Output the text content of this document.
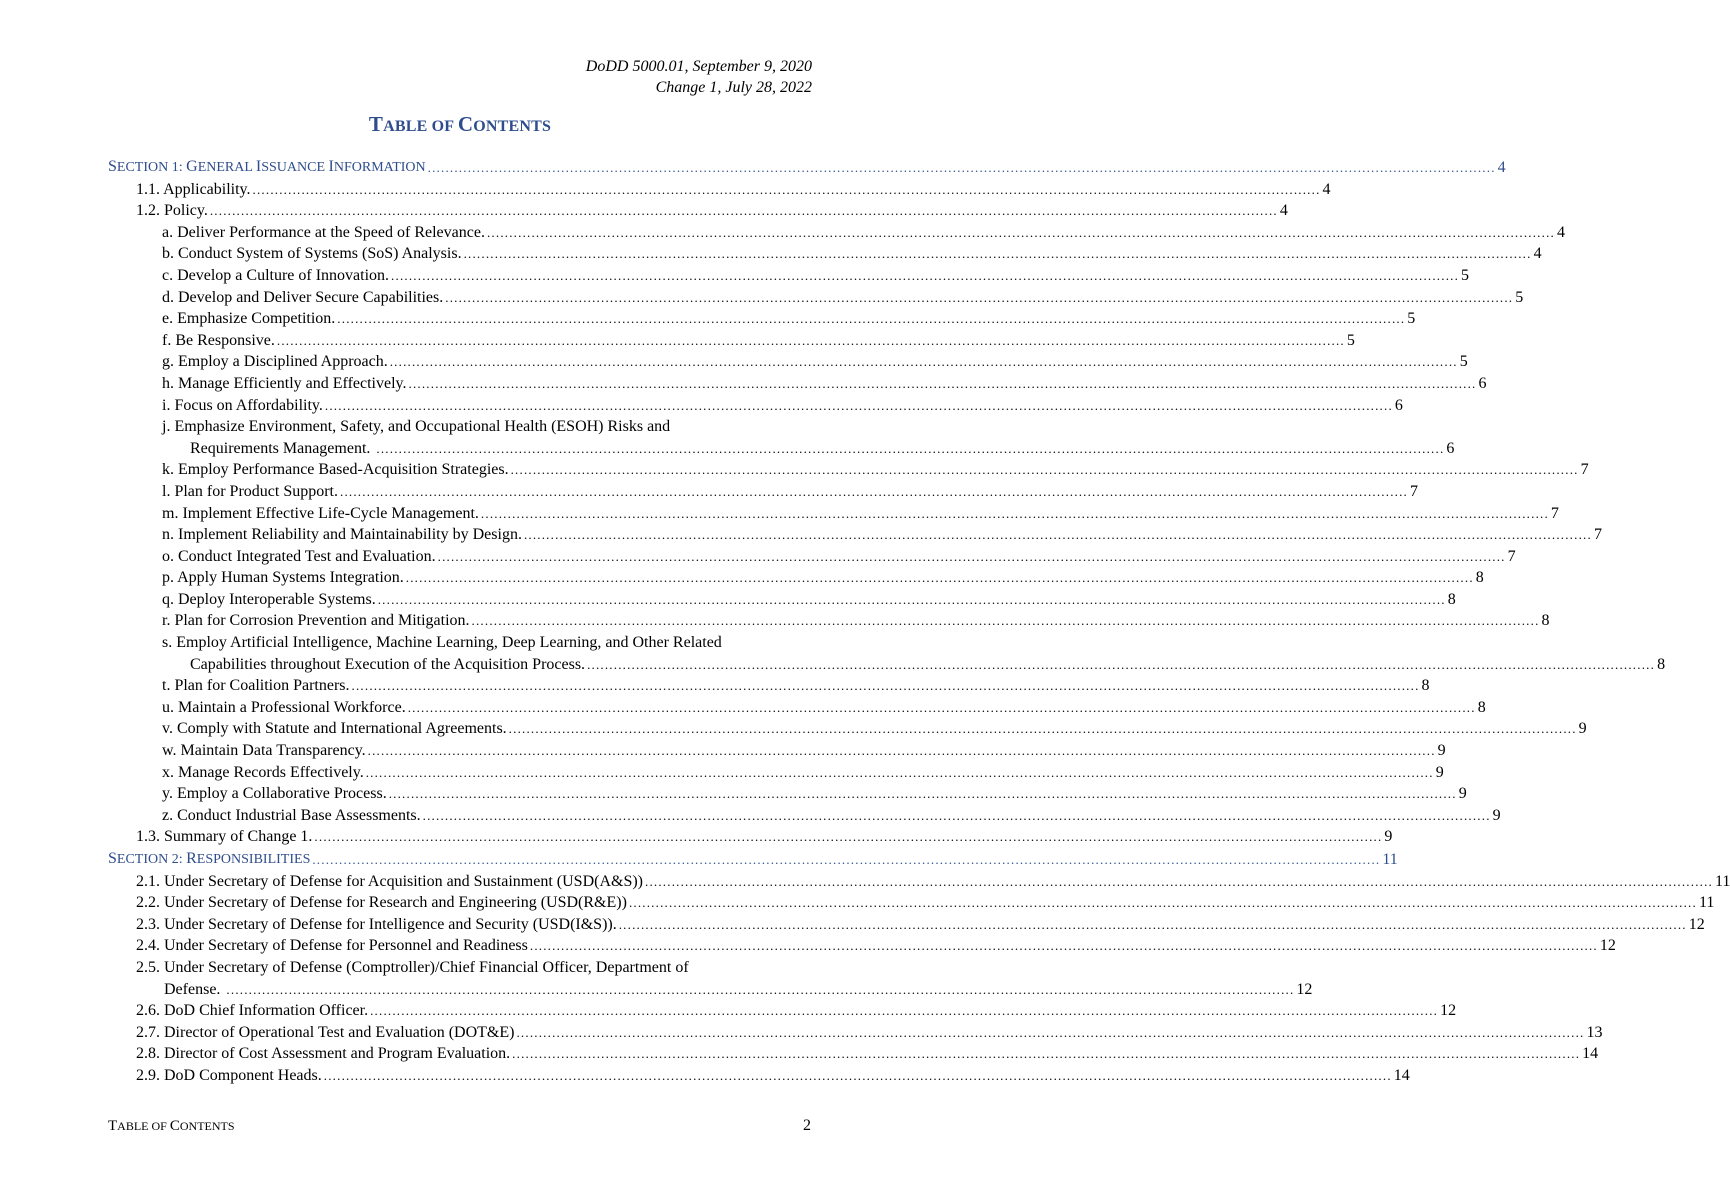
DoDD 5000.01, September 9, 2020
Change 1, July 28, 2022
TABLE OF CONTENTS
SECTION 1: GENERAL ISSUANCE INFORMATION .....	4
1.1. Applicability. .....	4
1.2. Policy. .....	4
a. Deliver Performance at the Speed of Relevance. .....	4
b. Conduct System of Systems (SoS) Analysis. .....	4
c. Develop a Culture of Innovation. .....	5
d. Develop and Deliver Secure Capabilities. .....	5
e. Emphasize Competition. .....	5
f. Be Responsive. .....	5
g. Employ a Disciplined Approach. .....	5
h. Manage Efficiently and Effectively. .....	6
i. Focus on Affordability. .....	6
j. Emphasize Environment, Safety, and Occupational Health (ESOH) Risks and
Requirements Management. .....	6
k. Employ Performance Based-Acquisition Strategies. .....	7
l. Plan for Product Support. .....	7
m. Implement Effective Life-Cycle Management. .....	7
n. Implement Reliability and Maintainability by Design. .....	7
o. Conduct Integrated Test and Evaluation. .....	7
p. Apply Human Systems Integration. .....	8
q. Deploy Interoperable Systems. .....	8
r. Plan for Corrosion Prevention and Mitigation. .....	8
s. Employ Artificial Intelligence, Machine Learning, Deep Learning, and Other Related
Capabilities throughout Execution of the Acquisition Process. .....	8
t. Plan for Coalition Partners. .....	8
u. Maintain a Professional Workforce. .....	8
v. Comply with Statute and International Agreements. .....	9
w. Maintain Data Transparency. .....	9
x. Manage Records Effectively. .....	9
y. Employ a Collaborative Process. .....	9
z. Conduct Industrial Base Assessments. .....	9
1.3. Summary of Change 1. .....	9
SECTION 2: RESPONSIBILITIES .....	11
2.1. Under Secretary of Defense for Acquisition and Sustainment (USD(A&S)) .....	11
2.2. Under Secretary of Defense for Research and Engineering (USD(R&E)) .....	11
2.3. Under Secretary of Defense for Intelligence and Security (USD(I&S)). .....	12
2.4. Under Secretary of Defense for Personnel and Readiness .....	12
2.5. Under Secretary of Defense (Comptroller)/Chief Financial Officer, Department of
Defense. .....	12
2.6. DoD Chief Information Officer. .....	12
2.7. Director of Operational Test and Evaluation (DOT&E) .....	13
2.8. Director of Cost Assessment and Program Evaluation. .....	14
2.9. DoD Component Heads. .....	14
TABLE OF CONTENTS	2
